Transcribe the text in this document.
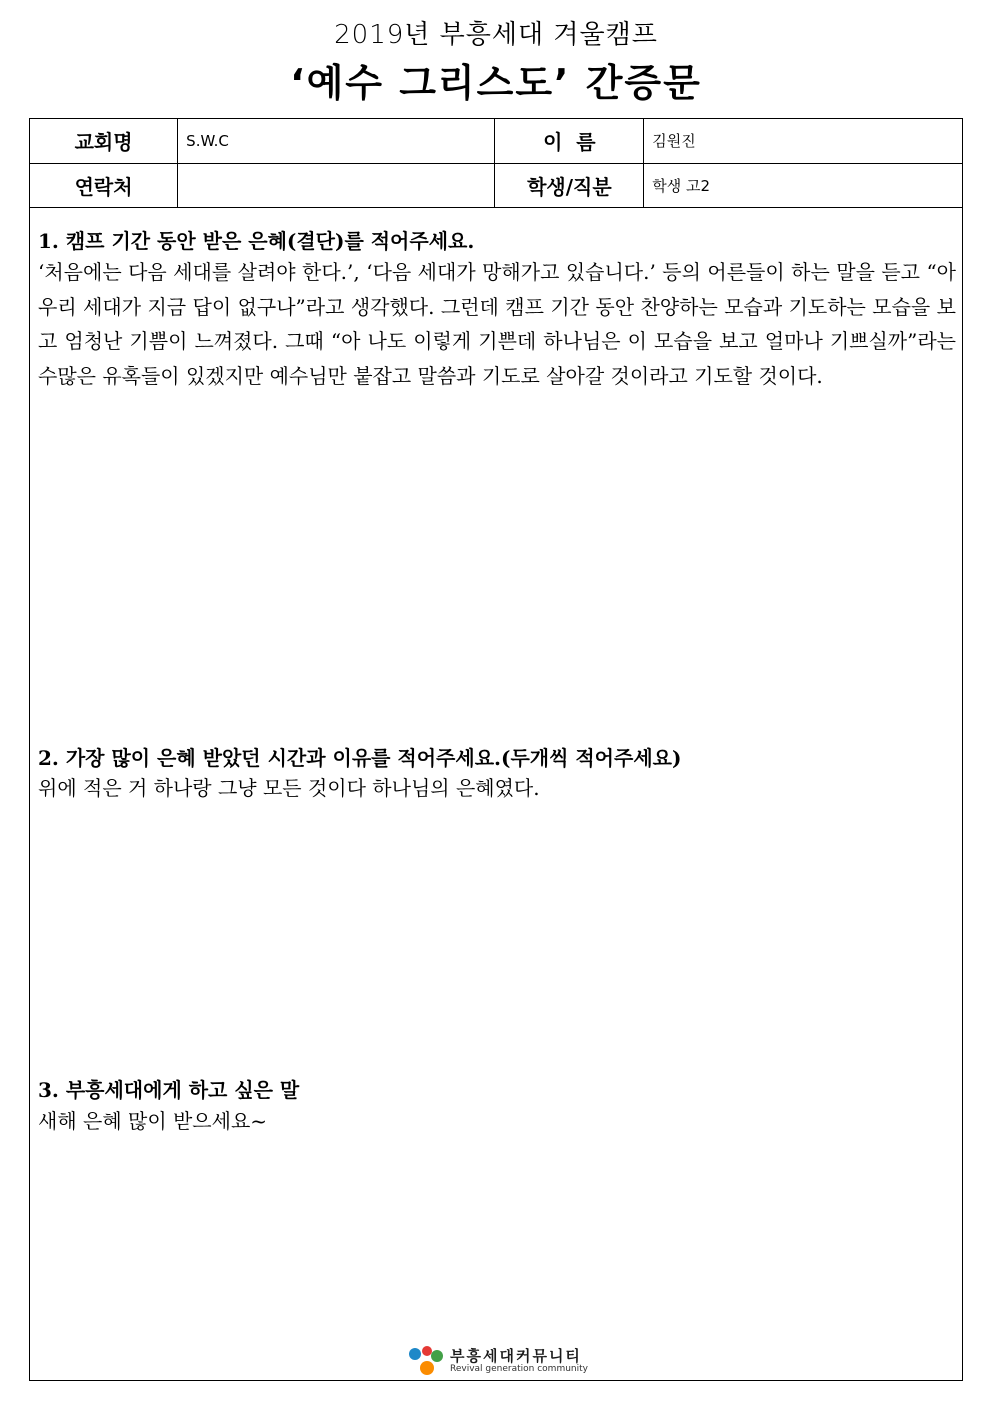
2019년 부흥세대 겨울캠프
‘예수 그리스도’ 간증문
교회명	S.W.C	이  름	김원진
연락처		학생/직분	학생 고2
1. 캠프 기간 동안 받은 은혜(결단)를 적어주세요.
‘처음에는 다음 세대를 살려야 한다.’, ‘다음 세대가 망해가고 있습니다.’ 등의 어른들이 하는 말을 듣고 “아 우리 세대가 지금 답이 없구나”라고 생각했다. 그런데 캠프 기간 동안 찬양하는 모습과 기도하는 모습을 보고 엄청난 기쁨이 느껴졌다. 그때 “아 나도 이렇게 기쁜데 하나님은 이 모습을 보고 얼마나 기쁘실까”라는 수많은 유혹들이 있겠지만 예수님만 붙잡고 말씀과 기도로 살아갈 것이라고 기도할 것이다.
2. 가장 많이 은혜 받았던 시간과 이유를 적어주세요.(두개씩 적어주세요)
위에 적은 거 하나랑 그냥 모든 것이다 하나님의 은혜였다.
3. 부흥세대에게 하고 싶은 말
새해 은혜 많이 받으세요~
부흥세대커뮤니티
Revival generation community
